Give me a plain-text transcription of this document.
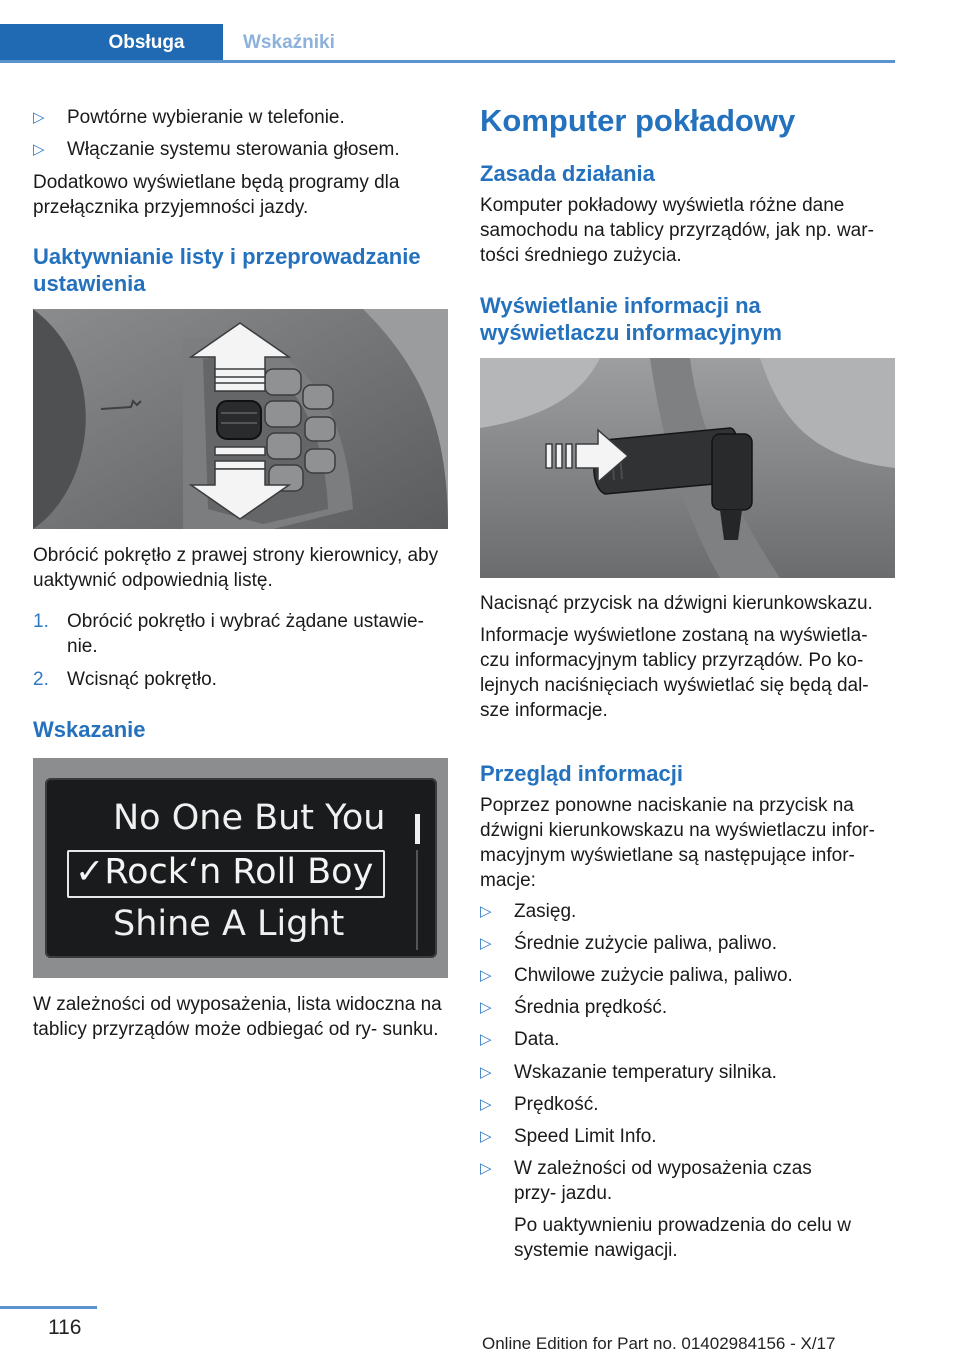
Obsługa	Wskaźniki
▷	Powtórne wybieranie w telefonie.
▷	Włączanie systemu sterowania głosem.

Dodatkowo wyświetlane będą programy dla przełącznika przyjemności jazdy.

Uaktywnianie listy i przeprowadzanie ustawienia

Obrócić pokrętło z prawej strony kierownicy, aby uaktywnić odpowiednią listę.

1. Obrócić pokrętło i wybrać żądane ustawie‐ nie.
2. Wcisnąć pokrętło.
Wskazanie
No One But You
✓Rock‘n Roll Boy
Shine A Light

W zależności od wyposażenia, lista widoczna na tablicy przyrządów może odbiegać od ry‐ sunku.

Komputer pokładowy
Zasada działania

Komputer pokładowy wyświetla różne dane samochodu na tablicy przyrządów, jak np. war‐ tości średniego zużycia.

Wyświetlanie informacji na wyświetlaczu informacyjnym

Nacisnąć przycisk na dźwigni kierunkowskazu.

Informacje wyświetlone zostaną na wyświetla‐ czu informacyjnym tablicy przyrządów. Po ko‐ lejnych naciśnięciach wyświetlać się będą dal‐ sze informacje.

Przegląd informacji

Poprzez ponowne naciskanie na przycisk na dźwigni kierunkowskazu na wyświetlaczu infor‐ macyjnym wyświetlane są następujące infor‐ macje:

▷	Zasięg.
▷	Średnie zużycie paliwa, paliwo.
▷	Chwilowe zużycie paliwa, paliwo.
▷	Średnia prędkość.
▷	Data.
▷	Wskazanie temperatury silnika.
▷	Prędkość.
▷	Speed Limit Info.
▷	W zależności od wyposażenia czas przy‐ jazdu.

Po uaktywnieniu prowadzenia do celu w systemie nawigacji.

116
Online Edition for Part no. 01402984156 - X/17
